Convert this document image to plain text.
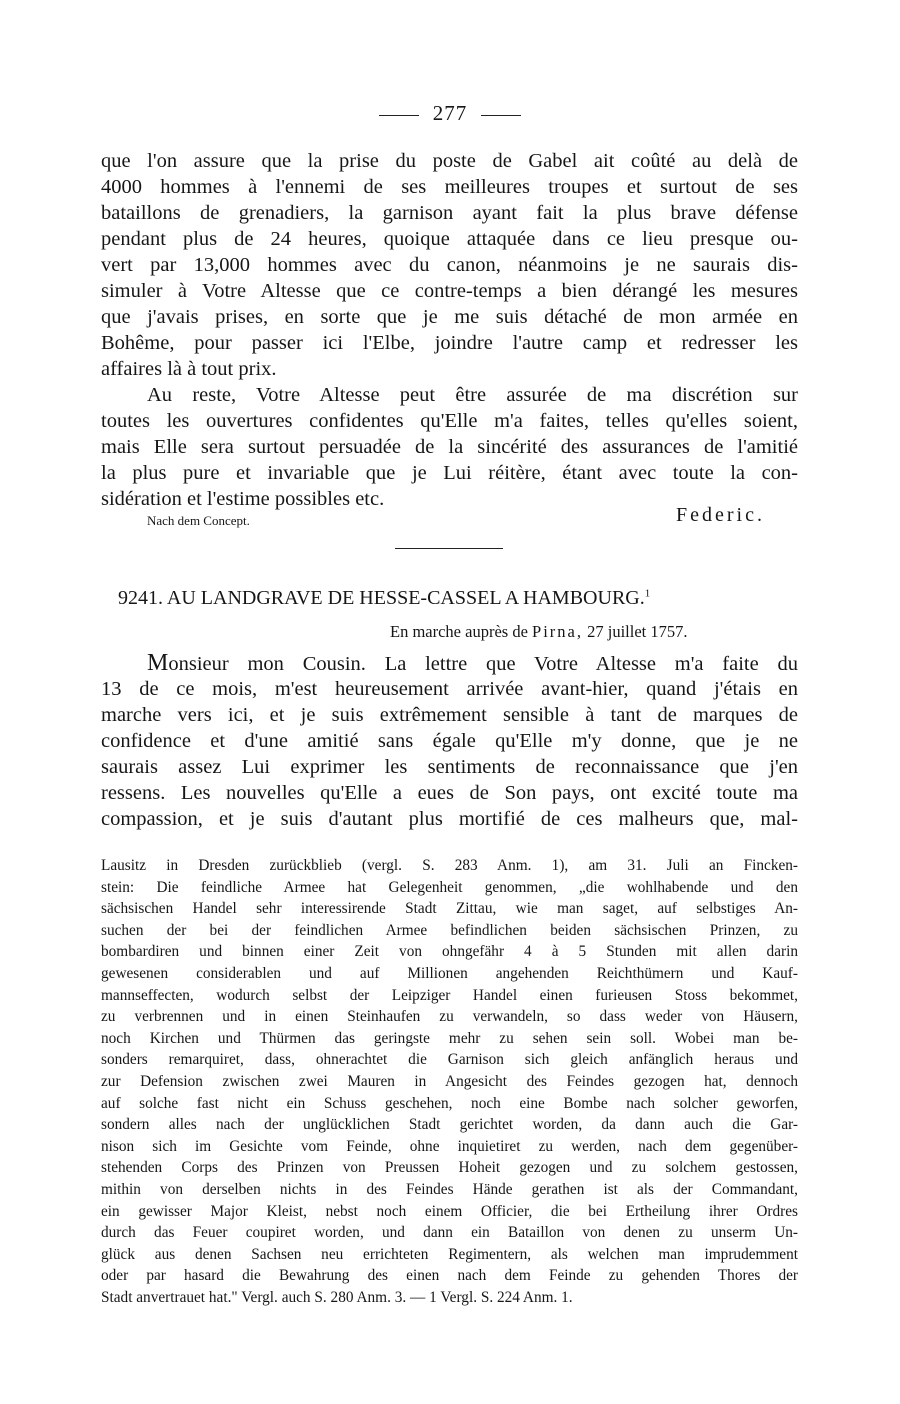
277
que l'on assure que la prise du poste de Gabel ait coûté au delà de
4000 hommes à l'ennemi de ses meilleures troupes et surtout de ses
bataillons de grenadiers, la garnison ayant fait la plus brave défense
pendant plus de 24 heures, quoique attaquée dans ce lieu presque ou-
vert par 13,000 hommes avec du canon, néanmoins je ne saurais dis-
simuler à Votre Altesse que ce contre-temps a bien dérangé les mesures
que j'avais prises, en sorte que je me suis détaché de mon armée en
Bohême, pour passer ici l'Elbe, joindre l'autre camp et redresser les
affaires là à tout prix.
Au reste, Votre Altesse peut être assurée de ma discrétion sur
toutes les ouvertures confidentes qu'Elle m'a faites, telles qu'elles soient,
mais Elle sera surtout persuadée de la sincérité des assurances de l'amitié
la plus pure et invariable que je Lui réitère, étant avec toute la con-
sidération et l'estime possibles etc.
Nach dem Concept.	Federic.
9241. AU LANDGRAVE DE HESSE-CASSEL A HAMBOURG.$^1$
En marche auprès de Pirna, 27 juillet 1757.
Monsieur mon Cousin. La lettre que Votre Altesse m'a faite du
13 de ce mois, m'est heureusement arrivée avant-hier, quand j'étais en
marche vers ici, et je suis extrêmement sensible à tant de marques de
confidence et d'une amitié sans égale qu'Elle m'y donne, que je ne
saurais assez Lui exprimer les sentiments de reconnaissance que j'en
ressens. Les nouvelles qu'Elle a eues de Son pays, ont excité toute ma
compassion, et je suis d'autant plus mortifié de ces malheurs que, mal-
Lausitz in Dresden zurückblieb (vergl. S. 283 Anm. 1), am 31. Juli an Fincken-
stein: Die feindliche Armee hat Gelegenheit genommen, „die wohlhabende und den
sächsischen Handel sehr interessirende Stadt Zittau, wie man saget, auf selbstiges An-
suchen der bei der feindlichen Armee befindlichen beiden sächsischen Prinzen, zu
bombardiren und binnen einer Zeit von ohngefähr 4 à 5 Stunden mit allen darin
gewesenen considerablen und auf Millionen angehenden Reichthümern und Kauf-
mannseffecten, wodurch selbst der Leipziger Handel einen furieusen Stoss bekommet,
zu verbrennen und in einen Steinhaufen zu verwandeln, so dass weder von Häusern,
noch Kirchen und Thürmen das geringste mehr zu sehen sein soll. Wobei man be-
sonders remarquiret, dass, ohnerachtet die Garnison sich gleich anfänglich heraus und
zur Defension zwischen zwei Mauren in Angesicht des Feindes gezogen hat, dennoch
auf solche fast nicht ein Schuss geschehen, noch eine Bombe nach solcher geworfen,
sondern alles nach der unglücklichen Stadt gerichtet worden, da dann auch die Gar-
nison sich im Gesichte vom Feinde, ohne inquietiret zu werden, nach dem gegenüber-
stehenden Corps des Prinzen von Preussen Hoheit gezogen und zu solchem gestossen,
mithin von derselben nichts in des Feindes Hände gerathen ist als der Commandant,
ein gewisser Major Kleist, nebst noch einem Officier, die bei Ertheilung ihrer Ordres
durch das Feuer coupiret worden, und dann ein Bataillon von denen zu unserm Un-
glück aus denen Sachsen neu errichteten Regimentern, als welchen man imprudemment
oder par hasard die Bewahrung des einen nach dem Feinde zu gehenden Thores der
Stadt anvertrauet hat." Vergl. auch S. 280 Anm. 3. — 1 Vergl. S. 224 Anm. 1.
